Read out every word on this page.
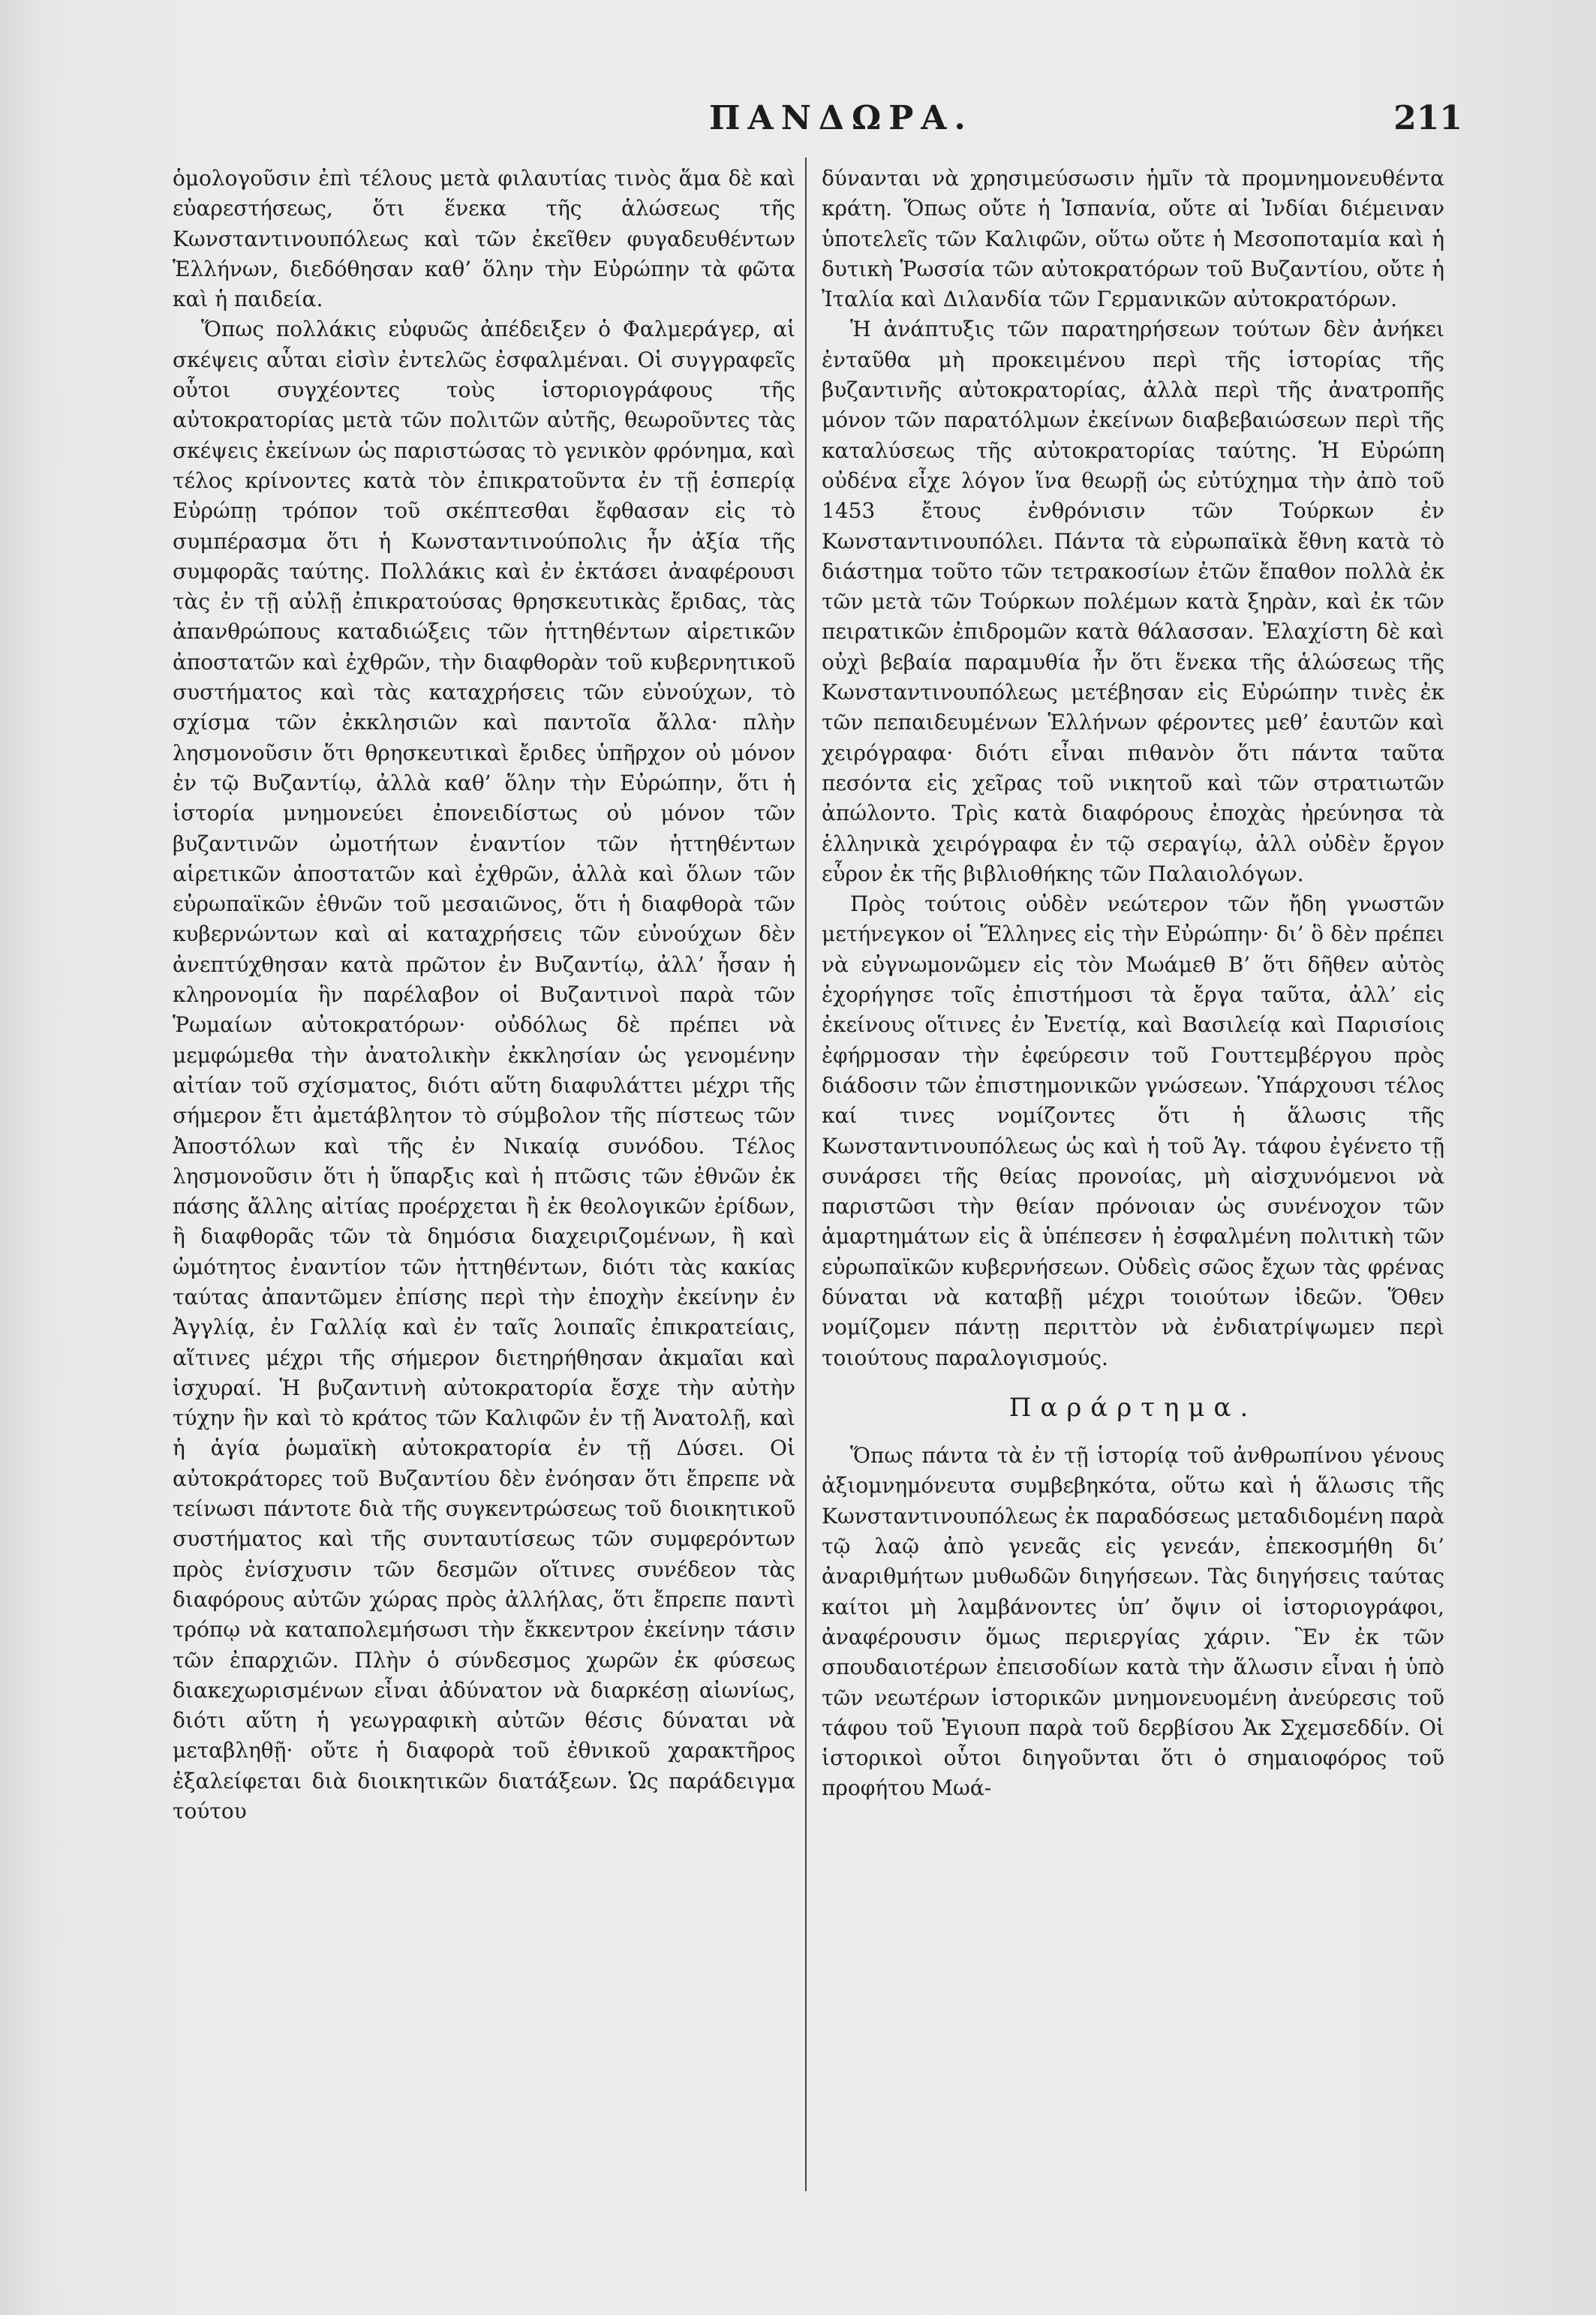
ΠΑΝΔΩΡΑ.	211

ὁμολογοῦσιν ἐπὶ τέλους μετὰ φιλαυτίας τινὸς ἅμα δὲ καὶ εὐαρεστήσεως, ὅτι ἕνεκα τῆς ἁλώσεως τῆς Κωνσταντινουπόλεως καὶ τῶν ἐκεῖθεν φυγαδευθέντων Ἑλλήνων, διεδόθησαν καθ’ ὅλην τὴν Εὐρώπην τὰ φῶτα καὶ ἡ παιδεία.

Ὅπως πολλάκις εὐφυῶς ἀπέδειξεν ὁ Φαλμεράγερ, αἱ σκέψεις αὗται εἰσὶν ἐντελῶς ἐσφαλμέναι. Οἱ συγγραφεῖς οὗτοι συγχέοντες τοὺς ἱστοριογράφους τῆς αὐτοκρατορίας μετὰ τῶν πολιτῶν αὐτῆς, θεωροῦντες τὰς σκέψεις ἐκείνων ὡς παριστώσας τὸ γενικὸν φρόνημα, καὶ τέλος κρίνοντες κατὰ τὸν ἐπικρατοῦντα ἐν τῇ ἑσπερίᾳ Εὐρώπῃ τρόπον τοῦ σκέπτεσθαι ἔφθασαν εἰς τὸ συμπέρασμα ὅτι ἡ Κωνσταντινούπολις ἦν ἀξία τῆς συμφορᾶς ταύτης. Πολλάκις καὶ ἐν ἐκτάσει ἀναφέρουσι τὰς ἐν τῇ αὐλῇ ἐπικρατούσας θρησκευτικὰς ἔριδας, τὰς ἀπανθρώπους καταδιώξεις τῶν ἡττηθέντων αἱρετικῶν ἀποστατῶν καὶ ἐχθρῶν, τὴν διαφθορὰν τοῦ κυβερνητικοῦ συστήματος καὶ τὰς καταχρήσεις τῶν εὐνούχων, τὸ σχίσμα τῶν ἐκκλησιῶν καὶ παντοῖα ἄλλα· πλὴν λησμονοῦσιν ὅτι θρησκευτικαὶ ἔριδες ὑπῆρχον οὐ μόνον ἐν τῷ Βυζαντίῳ, ἀλλὰ καθ’ ὅλην τὴν Εὐρώπην, ὅτι ἡ ἱστορία μνημονεύει ἐπονειδίστως οὐ μόνον τῶν βυζαντινῶν ὠμοτήτων ἐναντίον τῶν ἡττηθέντων αἱρετικῶν ἀποστατῶν καὶ ἐχθρῶν, ἀλλὰ καὶ ὅλων τῶν εὐρωπαϊκῶν ἐθνῶν τοῦ μεσαιῶνος, ὅτι ἡ διαφθορὰ τῶν κυβερνώντων καὶ αἱ καταχρήσεις τῶν εὐνούχων δὲν ἀνεπτύχθησαν κατὰ πρῶτον ἐν Βυζαντίῳ, ἀλλ’ ἦσαν ἡ κληρονομία ἣν παρέλαβον οἱ Βυζαντινοὶ παρὰ τῶν Ῥωμαίων αὐτοκρατόρων· οὐδόλως δὲ πρέπει νὰ μεμφώμεθα τὴν ἀνατολικὴν ἐκκλησίαν ὡς γενομένην αἰτίαν τοῦ σχίσματος, διότι αὕτη διαφυλάττει μέχρι τῆς σήμερον ἔτι ἀμετάβλητον τὸ σύμβολον τῆς πίστεως τῶν Ἀποστόλων καὶ τῆς ἐν Νικαίᾳ συνόδου. Τέλος λησμονοῦσιν ὅτι ἡ ὕπαρξις καὶ ἡ πτῶσις τῶν ἐθνῶν ἐκ πάσης ἄλλης αἰτίας προέρχεται ἢ ἐκ θεολογικῶν ἐρίδων, ἢ διαφθορᾶς τῶν τὰ δημόσια διαχειριζομένων, ἢ καὶ ὠμότητος ἐναντίον τῶν ἡττηθέντων, διότι τὰς κακίας ταύτας ἀπαντῶμεν ἐπίσης περὶ τὴν ἐποχὴν ἐκείνην ἐν Ἀγγλίᾳ, ἐν Γαλλίᾳ καὶ ἐν ταῖς λοιπαῖς ἐπικρατείαις, αἵτινες μέχρι τῆς σήμερον διετηρήθησαν ἀκμαῖαι καὶ ἰσχυραί. Ἡ βυζαντινὴ αὐτοκρατορία ἔσχε τὴν αὐτὴν τύχην ἣν καὶ τὸ κράτος τῶν Καλιφῶν ἐν τῇ Ἀνατολῇ, καὶ ἡ ἁγία ῥωμαϊκὴ αὐτοκρατορία ἐν τῇ Δύσει. Οἱ αὐτοκράτορες τοῦ Βυζαντίου δὲν ἐνόησαν ὅτι ἔπρεπε νὰ τείνωσι πάντοτε διὰ τῆς συγκεντρώσεως τοῦ διοικητικοῦ συστήματος καὶ τῆς συνταυτίσεως τῶν συμφερόντων πρὸς ἐνίσχυσιν τῶν δεσμῶν οἵτινες συνέδεον τὰς διαφόρους αὐτῶν χώρας πρὸς ἀλλήλας, ὅτι ἔπρεπε παντὶ τρόπῳ νὰ καταπολεμήσωσι τὴν ἔκκεντρον ἐκείνην τάσιν τῶν ἐπαρχιῶν. Πλὴν ὁ σύνδεσμος χωρῶν ἐκ φύσεως διακεχωρισμένων εἶναι ἀδύνατον νὰ διαρκέσῃ αἰωνίως, διότι αὕτη ἡ γεωγραφικὴ αὐτῶν θέσις δύναται νὰ μεταβληθῇ· οὔτε ἡ διαφορὰ τοῦ ἐθνικοῦ χαρακτῆρος ἐξαλείφεται διὰ διοικητικῶν διατάξεων. Ὡς παράδειγμα τούτου

δύνανται νὰ χρησιμεύσωσιν ἡμῖν τὰ προμνημονευθέντα κράτη. Ὅπως οὔτε ἡ Ἱσπανία, οὔτε αἱ Ἰνδίαι διέμειναν ὑποτελεῖς τῶν Καλιφῶν, οὕτω οὔτε ἡ Μεσοποταμία καὶ ἡ δυτικὴ Ῥωσσία τῶν αὐτοκρατόρων τοῦ Βυζαντίου, οὔτε ἡ Ἰταλία καὶ Διλανδία τῶν Γερμανικῶν αὐτοκρατόρων.

Ἡ ἀνάπτυξις τῶν παρατηρήσεων τούτων δὲν ἀνήκει ἐνταῦθα μὴ προκειμένου περὶ τῆς ἱστορίας τῆς βυζαντινῆς αὐτοκρατορίας, ἀλλὰ περὶ τῆς ἀνατροπῆς μόνον τῶν παρατόλμων ἐκείνων διαβεβαιώσεων περὶ τῆς καταλύσεως τῆς αὐτοκρατορίας ταύτης. Ἡ Εὐρώπη οὐδένα εἶχε λόγον ἵνα θεωρῇ ὡς εὐτύχημα τὴν ἀπὸ τοῦ 1453 ἔτους ἐνθρόνισιν τῶν Τούρκων ἐν Κωνσταντινουπόλει. Πάντα τὰ εὐρωπαϊκὰ ἔθνη κατὰ τὸ διάστημα τοῦτο τῶν τετρακοσίων ἐτῶν ἔπαθον πολλὰ ἐκ τῶν μετὰ τῶν Τούρκων πολέμων κατὰ ξηρὰν, καὶ ἐκ τῶν πειρατικῶν ἐπιδρομῶν κατὰ θάλασσαν. Ἐλαχίστη δὲ καὶ οὐχὶ βεβαία παραμυθία ἦν ὅτι ἕνεκα τῆς ἁλώσεως τῆς Κωνσταντινουπόλεως μετέβησαν εἰς Εὐρώπην τινὲς ἐκ τῶν πεπαιδευμένων Ἑλλήνων φέροντες μεθ’ ἑαυτῶν καὶ χειρόγραφα· διότι εἶναι πιθανὸν ὅτι πάντα ταῦτα πεσόντα εἰς χεῖρας τοῦ νικητοῦ καὶ τῶν στρατιωτῶν ἀπώλοντο. Τρὶς κατὰ διαφόρους ἐποχὰς ἠρεύνησα τὰ ἑλληνικὰ χειρόγραφα ἐν τῷ σεραγίῳ, ἀλλ οὐδὲν ἔργον εὗρον ἐκ τῆς βιβλιοθήκης τῶν Παλαιολόγων.

Πρὸς τούτοις οὐδὲν νεώτερον τῶν ἤδη γνωστῶν μετήνεγκον οἱ Ἕλληνες εἰς τὴν Εὐρώπην· δι’ ὃ δὲν πρέπει νὰ εὐγνωμονῶμεν εἰς τὸν Μωάμεθ Β’ ὅτι δῆθεν αὐτὸς ἐχορήγησε τοῖς ἐπιστήμοσι τὰ ἔργα ταῦτα, ἀλλ’ εἰς ἐκείνους οἵτινες ἐν Ἐνετίᾳ, καὶ Βασιλείᾳ καὶ Παρισίοις ἐφήρμοσαν τὴν ἐφεύρεσιν τοῦ Γουττεμβέργου πρὸς διάδοσιν τῶν ἐπιστημονικῶν γνώσεων. Ὑπάρχουσι τέλος καί τινες νομίζοντες ὅτι ἡ ἅλωσις τῆς Κωνσταντινουπόλεως ὡς καὶ ἡ τοῦ Ἁγ. τάφου ἐγένετο τῇ συνάρσει τῆς θείας προνοίας, μὴ αἰσχυνόμενοι νὰ παριστῶσι τὴν θείαν πρόνοιαν ὡς συνένοχον τῶν ἁμαρτημάτων εἰς ἃ ὑπέπεσεν ἡ ἐσφαλμένη πολιτικὴ τῶν εὐρωπαϊκῶν κυβερνήσεων. Οὐδεὶς σῶος ἔχων τὰς φρένας δύναται νὰ καταβῇ μέχρι τοιούτων ἰδεῶν. Ὅθεν νομίζομεν πάντῃ περιττὸν νὰ ἐνδιατρίψωμεν περὶ τοιούτους παραλογισμούς.

Παράρτημα.

Ὅπως πάντα τὰ ἐν τῇ ἱστορίᾳ τοῦ ἀνθρωπίνου γένους ἀξιομνημόνευτα συμβεβηκότα, οὕτω καὶ ἡ ἅλωσις τῆς Κωνσταντινουπόλεως ἐκ παραδόσεως μεταδιδομένη παρὰ τῷ λαῷ ἀπὸ γενεᾶς εἰς γενεάν, ἐπεκοσμήθη δι’ ἀναριθμήτων μυθωδῶν διηγήσεων. Τὰς διηγήσεις ταύτας καίτοι μὴ λαμβάνοντες ὑπ’ ὄψιν οἱ ἱστοριογράφοι, ἀναφέρουσιν ὅμως περιεργίας χάριν. Ἓν ἐκ τῶν σπουδαιοτέρων ἐπεισοδίων κατὰ τὴν ἅλωσιν εἶναι ἡ ὑπὸ τῶν νεωτέρων ἱστορικῶν μνημονευομένη ἀνεύρεσις τοῦ τάφου τοῦ Ἐγιουπ παρὰ τοῦ δερβίσου Ἀκ Σχεμσεδδίν. Οἱ ἱστορικοὶ οὗτοι διηγοῦνται ὅτι ὁ σημαιοφόρος τοῦ προφήτου Μωά-
